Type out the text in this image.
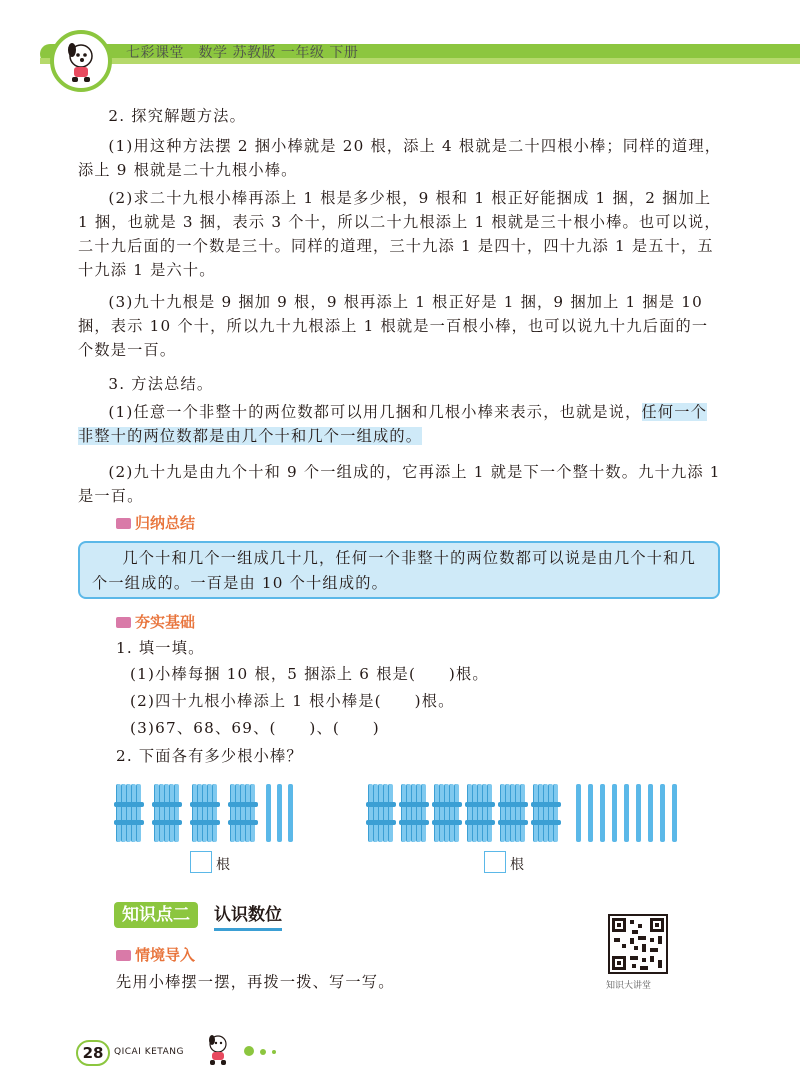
七彩课堂　数学 苏教版 一年级 下册
2. 探究解题方法。
(1)用这种方法摆 2 捆小棒就是 20 根，添上 4 根就是二十四根小棒；同样的道理，添上 9 根就是二十九根小棒。
(2)求二十九根小棒再添上 1 根是多少根，9 根和 1 根正好能捆成 1 捆，2 捆加上 1 捆，也就是 3 捆，表示 3 个十，所以二十九根添上 1 根就是三十根小棒。也可以说，二十九后面的一个数是三十。同样的道理，三十九添 1 是四十，四十九添 1 是五十，五十九添 1 是六十。
(3)九十九根是 9 捆加 9 根，9 根再添上 1 根正好是 1 捆，9 捆加上 1 捆是 10 捆，表示 10 个十，所以九十九根添上 1 根就是一百根小棒，也可以说九十九后面的一个数是一百。
3. 方法总结。
(1)任意一个非整十的两位数都可以用几捆和几根小棒来表示，也就是说，任何一个非整十的两位数都是由几个十和几个一组成的。
(2)九十九是由九个十和 9 个一组成的，它再添上 1 就是下一个整十数。九十九添 1 是一百。
归纳总结
几个十和几个一组成几十几，任何一个非整十的两位数都可以说是由几个十和几个一组成的。一百是由 10 个十组成的。
夯实基础
1. 填一填。
(1)小棒每捆 10 根，5 捆添上 6 根是(　　)根。
(2)四十九根小棒添上 1 根小棒是(　　)根。
(3)67、68、69、(　　)、(　　)
2. 下面各有多少根小棒？
根	根
知识点二	认识数位
情境导入
先用小棒摆一摆，再拨一拨、写一写。	知识大讲堂
28	QICAI KETANG
